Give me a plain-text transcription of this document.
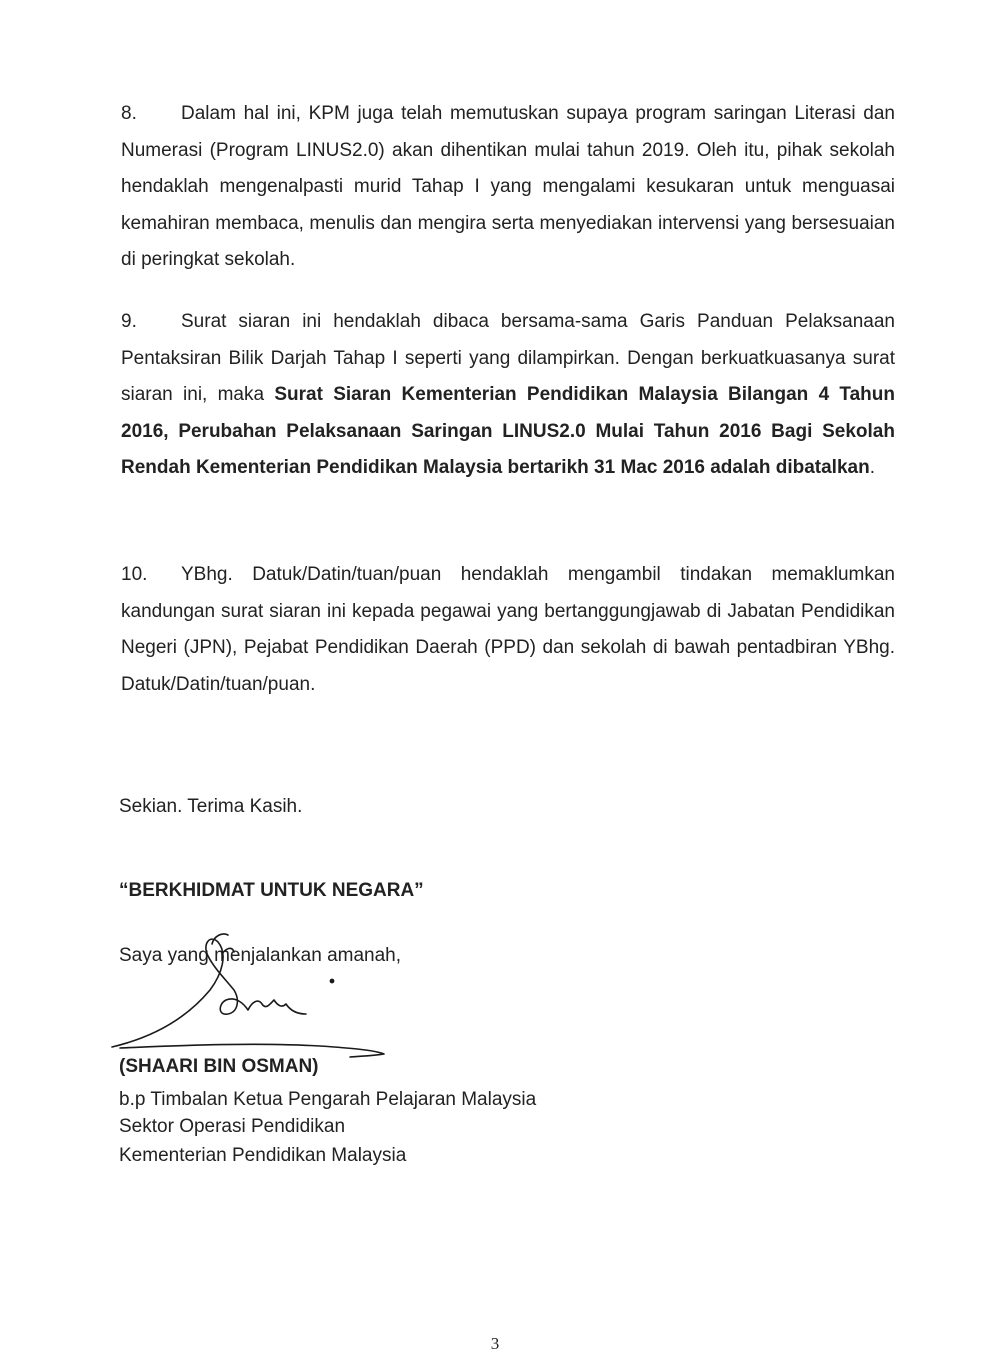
8. Dalam hal ini, KPM juga telah memutuskan supaya program saringan Literasi dan Numerasi (Program LINUS2.0) akan dihentikan mulai tahun 2019. Oleh itu, pihak sekolah hendaklah mengenalpasti murid Tahap I yang mengalami kesukaran untuk menguasai kemahiran membaca, menulis dan mengira serta menyediakan intervensi yang bersesuaian di peringkat sekolah.

9. Surat siaran ini hendaklah dibaca bersama-sama Garis Panduan Pelaksanaan Pentaksiran Bilik Darjah Tahap I seperti yang dilampirkan. Dengan berkuatkuasanya surat siaran ini, maka Surat Siaran Kementerian Pendidikan Malaysia Bilangan 4 Tahun 2016, Perubahan Pelaksanaan Saringan LINUS2.0 Mulai Tahun 2016 Bagi Sekolah Rendah Kementerian Pendidikan Malaysia bertarikh 31 Mac 2016 adalah dibatalkan.

10. YBhg. Datuk/Datin/tuan/puan hendaklah mengambil tindakan memaklumkan kandungan surat siaran ini kepada pegawai yang bertanggungjawab di Jabatan Pendidikan Negeri (JPN), Pejabat Pendidikan Daerah (PPD) dan sekolah di bawah pentadbiran YBhg. Datuk/Datin/tuan/puan.

Sekian. Terima Kasih.

“BERKHIDMAT UNTUK NEGARA”

Saya yang menjalankan amanah,

(SHAARI BIN OSMAN)

b.p Timbalan Ketua Pengarah Pelajaran Malaysia

Sektor Operasi Pendidikan

Kementerian Pendidikan Malaysia

3
